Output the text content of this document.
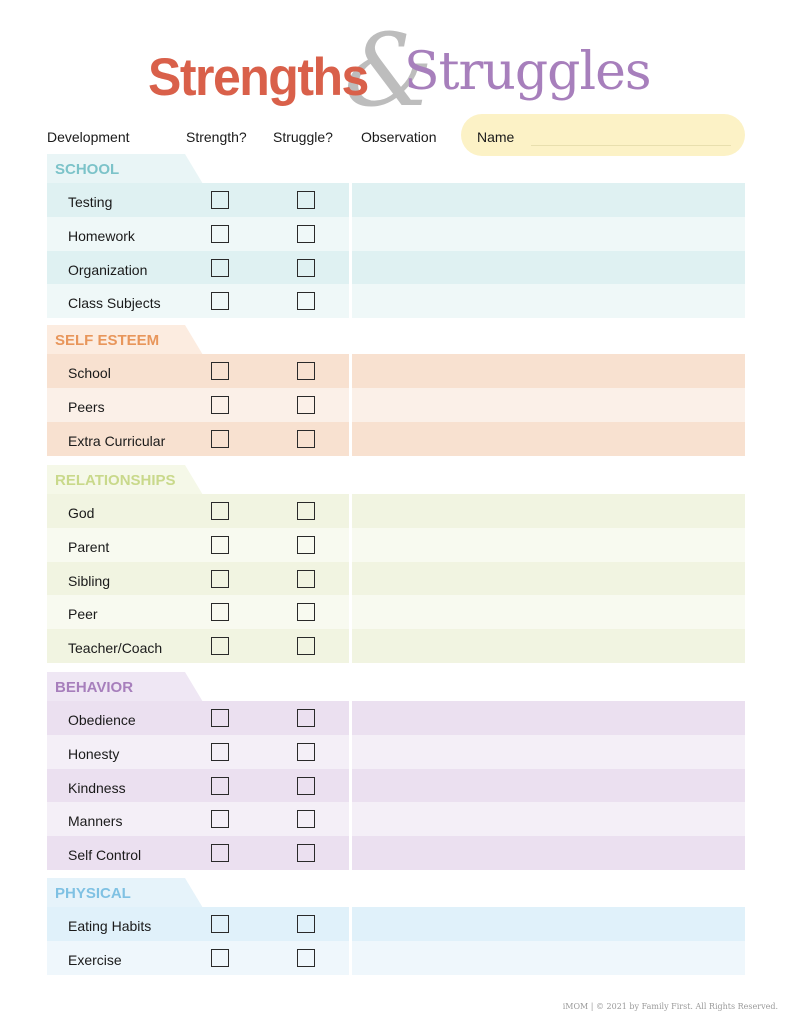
&
Strengths Struggles
Development	Strength? Struggle? Observation	Name
SCHOOL
Testing
Homework
Organization
Class Subjects
SELF ESTEEM
School
Peers
Extra Curricular
RELATIONSHIPS
God
Parent
Sibling
Peer
Teacher/Coach
BEHAVIOR
Obedience
Honesty
Kindness
Manners
Self Control
PHYSICAL
Eating Habits
Exercise
iMOM | © 2021 by Family First. All Rights Reserved.
